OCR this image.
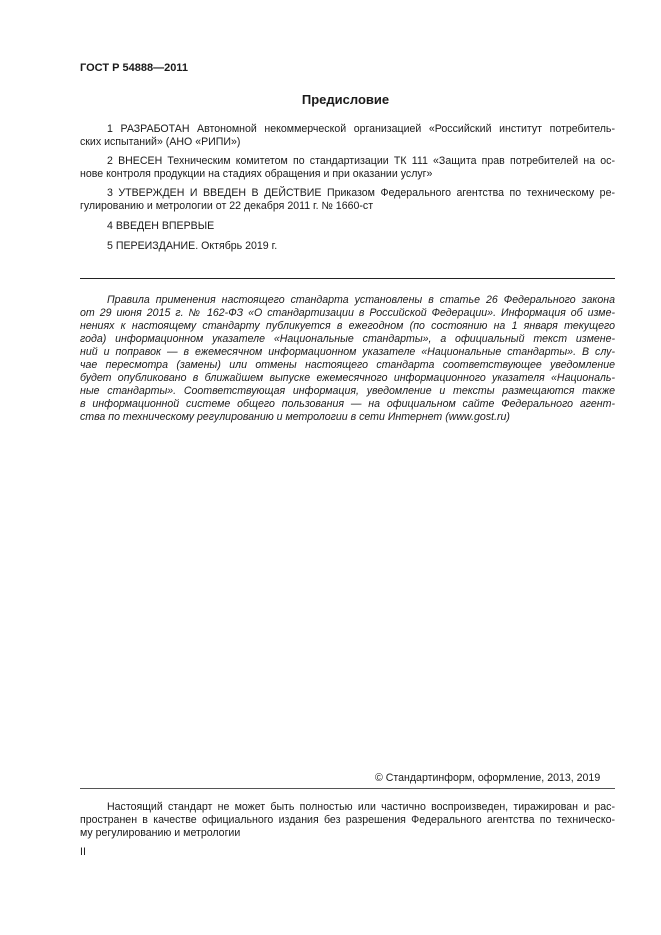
ГОСТ Р 54888—2011
Предисловие
1 РАЗРАБОТАН Автономной некоммерческой организацией «Российский институт потребитель-
ских испытаний» (АНО «РИПИ»)
2 ВНЕСЕН Техническим комитетом по стандартизации ТК 111 «Защита прав потребителей на ос-
нове контроля продукции на стадиях обращения и при оказании услуг»
3 УТВЕРЖДЕН И ВВЕДЕН В ДЕЙСТВИЕ Приказом Федерального агентства по техническому ре-
гулированию и метрологии от 22 декабря 2011 г. № 1660-ст
4 ВВЕДЕН ВПЕРВЫЕ
5 ПЕРЕИЗДАНИЕ. Октябрь 2019 г.
Правила применения настоящего стандарта установлены в статье 26 Федерального закона
от 29 июня 2015 г. № 162-ФЗ «О стандартизации в Российской Федерации». Информация об изме-
нениях к настоящему стандарту публикуется в ежегодном (по состоянию на 1 января текущего
года) информационном указателе «Национальные стандарты», а официальный текст измене-
ний и поправок — в ежемесячном информационном указателе «Национальные стандарты». В слу-
чае пересмотра (замены) или отмены настоящего стандарта соответствующее уведомление
будет опубликовано в ближайшем выпуске ежемесячного информационного указателя «Националь-
ные стандарты». Соответствующая информация, уведомление и тексты размещаются также
в информационной системе общего пользования — на официальном сайте Федерального агент-
ства по техническому регулированию и метрологии в сети Интернет (www.gost.ru)
© Стандартинформ, оформление, 2013, 2019
Настоящий стандарт не может быть полностью или частично воспроизведен, тиражирован и рас-
пространен в качестве официального издания без разрешения Федерального агентства по техническо-
му регулированию и метрологии
II
